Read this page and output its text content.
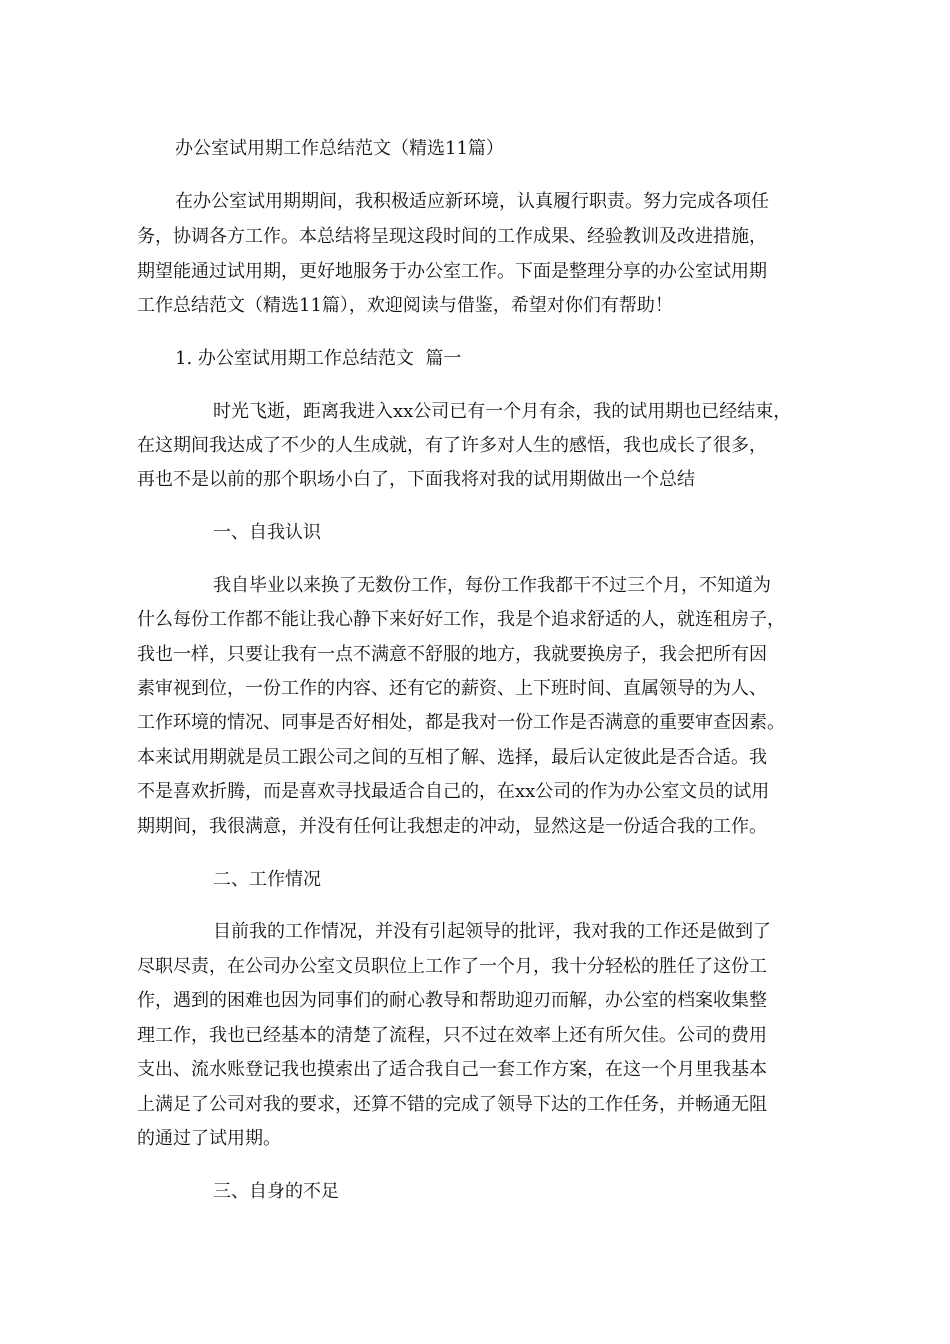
办公室试用期工作总结范文（精选11篇）

在办公室试用期期间，我积极适应新环境，认真履行职责。努力完成各项任

务，协调各方工作。本总结将呈现这段时间的工作成果、经验教训及改进措施，

期望能通过试用期，更好地服务于办公室工作。下面是整理分享的办公室试用期

工作总结范文（精选11篇），欢迎阅读与借鉴，希望对你们有帮助！

1. 办公室试用期工作总结范文  篇一

时光飞逝，距离我进入xx公司已有一个月有余，我的试用期也已经结束，

在这期间我达成了不少的人生成就，有了许多对人生的感悟，我也成长了很多，

再也不是以前的那个职场小白了，下面我将对我的试用期做出一个总结

一、自我认识

我自毕业以来换了无数份工作，每份工作我都干不过三个月，不知道为

什么每份工作都不能让我心静下来好好工作，我是个追求舒适的人，就连租房子，

我也一样，只要让我有一点不满意不舒服的地方，我就要换房子，我会把所有因

素审视到位，一份工作的内容、还有它的薪资、上下班时间、直属领导的为人、

工作环境的情况、同事是否好相处，都是我对一份工作是否满意的重要审查因素。

本来试用期就是员工跟公司之间的互相了解、选择，最后认定彼此是否合适。我

不是喜欢折腾，而是喜欢寻找最适合自己的，在xx公司的作为办公室文员的试用

期期间，我很满意，并没有任何让我想走的冲动，显然这是一份适合我的工作。

二、工作情况

目前我的工作情况，并没有引起领导的批评，我对我的工作还是做到了

尽职尽责，在公司办公室文员职位上工作了一个月，我十分轻松的胜任了这份工

作，遇到的困难也因为同事们的耐心教导和帮助迎刃而解，办公室的档案收集整

理工作，我也已经基本的清楚了流程，只不过在效率上还有所欠佳。公司的费用

支出、流水账登记我也摸索出了适合我自己一套工作方案，在这一个月里我基本

上满足了公司对我的要求，还算不错的完成了领导下达的工作任务，并畅通无阻

的通过了试用期。

三、自身的不足
